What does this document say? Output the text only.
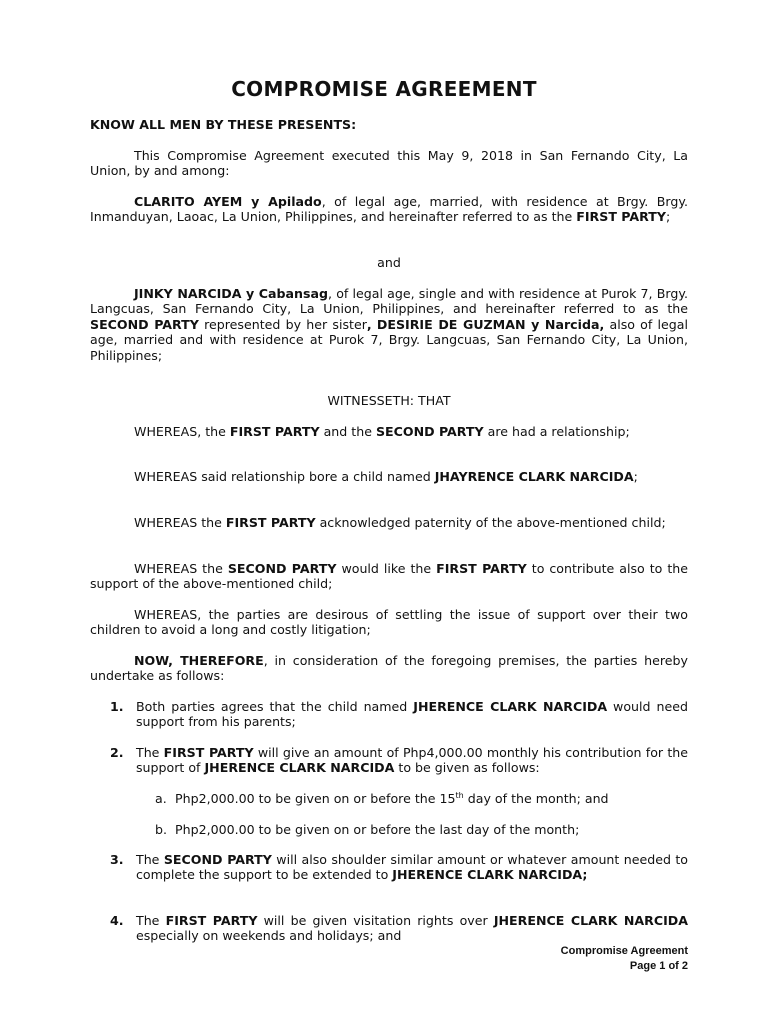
COMPROMISE AGREEMENT
KNOW ALL MEN BY THESE PRESENTS:
This Compromise Agreement executed this May 9, 2018 in San Fernando City, La Union, by and among:
CLARITO AYEM y Apilado, of legal age, married, with residence at Brgy. Brgy. Inmanduyan, Laoac, La Union, Philippines, and hereinafter referred to as the FIRST PARTY;
and
JINKY NARCIDA y Cabansag, of legal age, single and with residence at Purok 7, Brgy. Langcuas, San Fernando City, La Union, Philippines, and hereinafter referred to as the SECOND PARTY represented by her sister, DESIRIE DE GUZMAN y Narcida, also of legal age, married and with residence at Purok 7, Brgy. Langcuas, San Fernando City, La Union, Philippines;
WITNESSETH: THAT
WHEREAS, the FIRST PARTY and the SECOND PARTY are had a relationship;
WHEREAS said relationship bore a child named JHAYRENCE CLARK NARCIDA;
WHEREAS the FIRST PARTY acknowledged paternity of the above-mentioned child;
WHEREAS the SECOND PARTY would like the FIRST PARTY to contribute also to the support of the above-mentioned child;
WHEREAS, the parties are desirous of settling the issue of support over their two children to avoid a long and costly litigation;
NOW, THEREFORE, in consideration of the foregoing premises, the parties hereby undertake as follows:
1. Both parties agrees that the child named JHERENCE CLARK NARCIDA would need support from his parents;
2. The FIRST PARTY will give an amount of Php4,000.00 monthly his contribution for the support of JHERENCE CLARK NARCIDA to be given as follows:
a. Php2,000.00 to be given on or before the 15th day of the month; and
b. Php2,000.00 to be given on or before the last day of the month;
3. The SECOND PARTY will also shoulder similar amount or whatever amount needed to complete the support to be extended to JHERENCE CLARK NARCIDA;
4. The FIRST PARTY will be given visitation rights over JHERENCE CLARK NARCIDA especially on weekends and holidays; and
Compromise Agreement
Page 1 of 2
